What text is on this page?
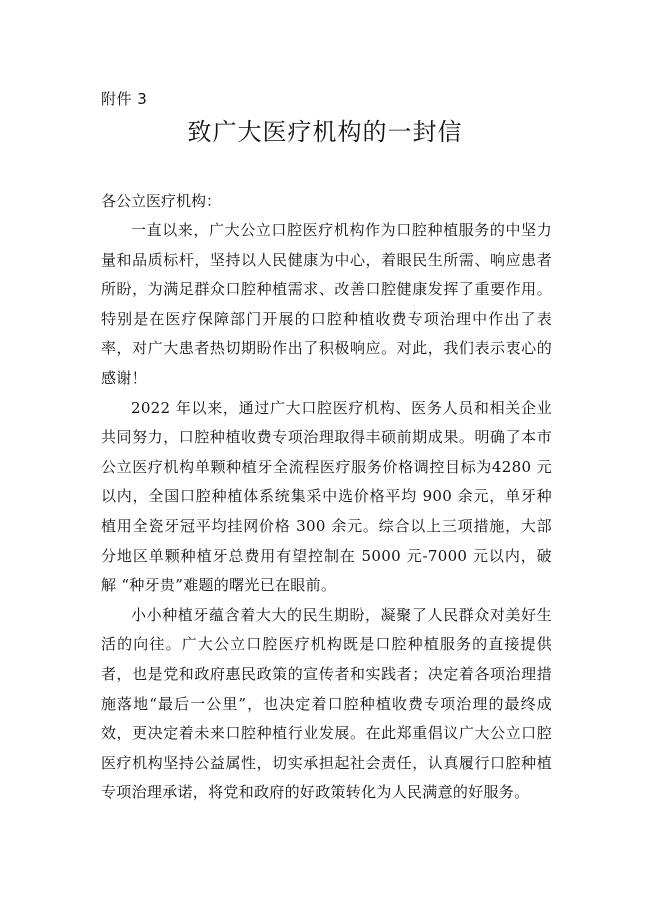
附件 3
致广大医疗机构的一封信
各公立医疗机构：

一直以来，广大公立口腔医疗机构作为口腔种植服务的中坚力量和品质标杆，坚持以人民健康为中心，着眼民生所需、响应患者所盼，为满足群众口腔种植需求、改善口腔健康发挥了重要作用。特别是在医疗保障部门开展的口腔种植收费专项治理中作出了表率，对广大患者热切期盼作出了积极响应。对此，我们表示衷心的感谢！

2022 年以来，通过广大口腔医疗机构、医务人员和相关企业共同努力，口腔种植收费专项治理取得丰硕前期成果。明确了本市公立医疗机构单颗种植牙全流程医疗服务价格调控目标为4280 元以内，全国口腔种植体系统集采中选价格平均 900 余元，单牙种植用全瓷牙冠平均挂网价格 300 余元。综合以上三项措施，大部分地区单颗种植牙总费用有望控制在 5000 元-7000 元以内，破解 “种牙贵”难题的曙光已在眼前。

小小种植牙蕴含着大大的民生期盼，凝聚了人民群众对美好生活的向往。广大公立口腔医疗机构既是口腔种植服务的直接提供者，也是党和政府惠民政策的宣传者和实践者；决定着各项治理措施落地“最后一公里”，也决定着口腔种植收费专项治理的最终成效，更决定着未来口腔种植行业发展。在此郑重倡议广大公立口腔医疗机构坚持公益属性，切实承担起社会责任，认真履行口腔种植专项治理承诺，将党和政府的好政策转化为人民满意的好服务。
